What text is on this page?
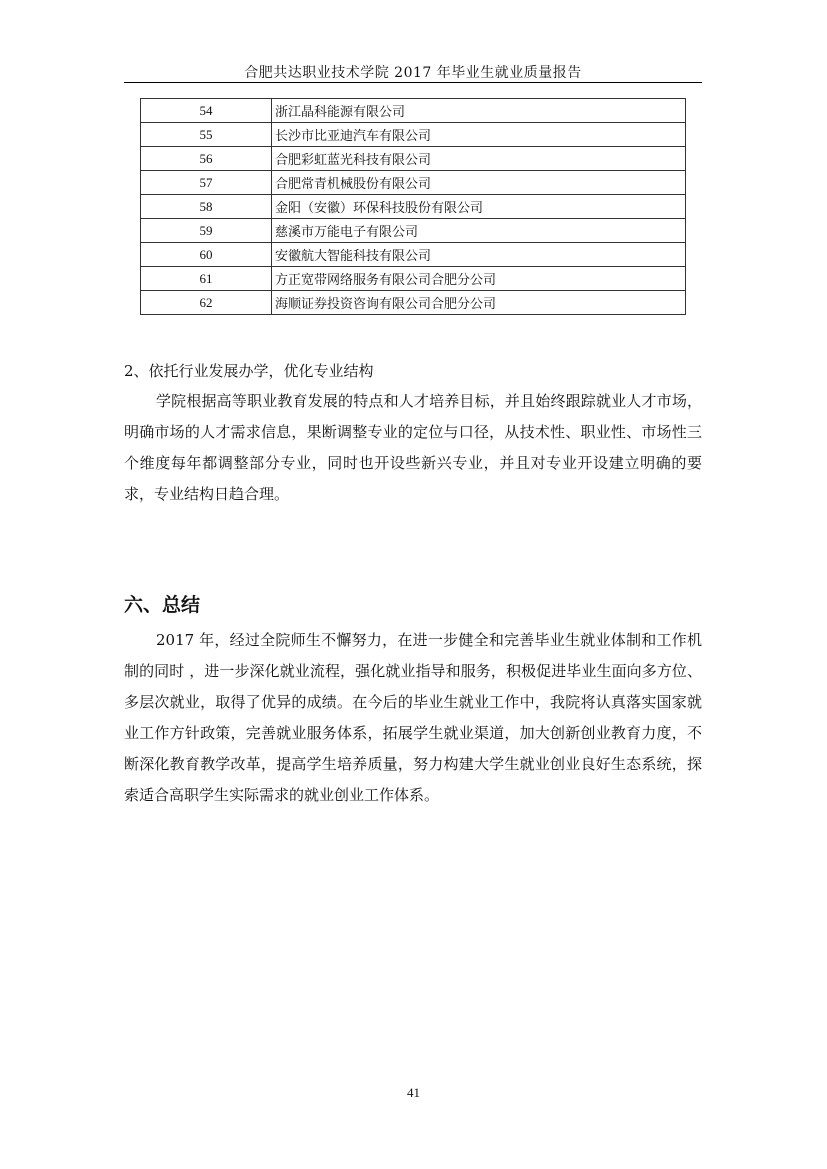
合肥共达职业技术学院 2017 年毕业生就业质量报告
54	浙江晶科能源有限公司
55	长沙市比亚迪汽车有限公司
56	合肥彩虹蓝光科技有限公司
57	合肥常青机械股份有限公司
58	金阳（安徽）环保科技股份有限公司
59	慈溪市万能电子有限公司
60	安徽航大智能科技有限公司
61	方正宽带网络服务有限公司合肥分公司
62	海顺证券投资咨询有限公司合肥分公司
2、依托行业发展办学，优化专业结构

学院根据高等职业教育发展的特点和人才培养目标，并且始终跟踪就业人才市场，明确市场的人才需求信息，果断调整专业的定位与口径，从技术性、职业性、市场性三个维度每年都调整部分专业，同时也开设些新兴专业，并且对专业开设建立明确的要求，专业结构日趋合理。

六、总结

2017 年，经过全院师生不懈努力，在进一步健全和完善毕业生就业体制和工作机制的同时 ，进一步深化就业流程，强化就业指导和服务，积极促进毕业生面向多方位、多层次就业，取得了优异的成绩。在今后的毕业生就业工作中，我院将认真落实国家就业工作方针政策，完善就业服务体系，拓展学生就业渠道，加大创新创业教育力度，不断深化教育教学改革，提高学生培养质量，努力构建大学生就业创业良好生态系统，探索适合高职学生实际需求的就业创业工作体系。

41
